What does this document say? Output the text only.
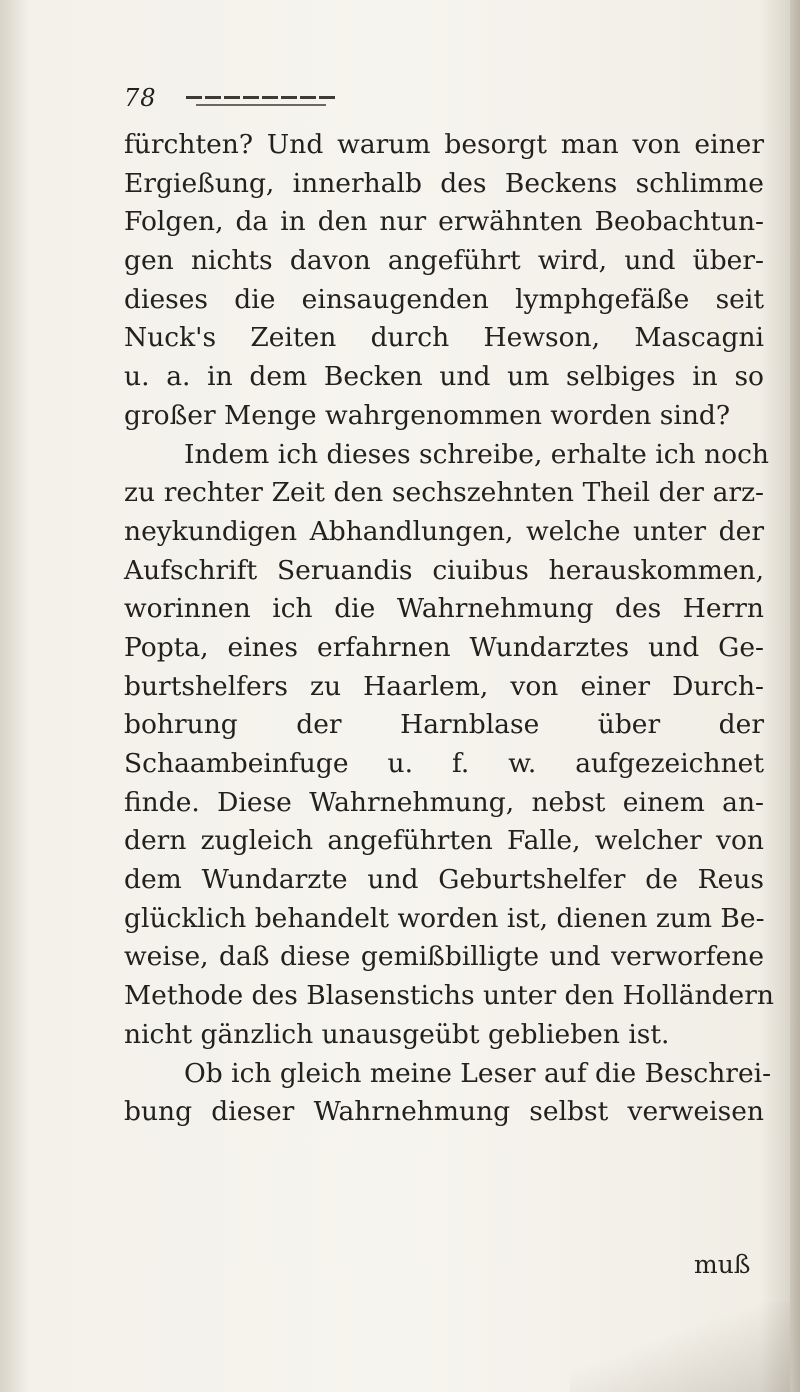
78
fürchten? Und warum besorgt man von einer
Ergießung, innerhalb des Beckens schlimme
Folgen, da in den nur erwähnten Beobachtun-
gen nichts davon angeführt wird, und über-
dieses die einsaugenden lymphgefäße seit
Nuck's Zeiten durch Hewson, Mascagni
u. a. in dem Becken und um selbiges in so
großer Menge wahrgenommen worden sind?
Indem ich dieses schreibe, erhalte ich noch
zu rechter Zeit den sechszehnten Theil der arz-
neykundigen Abhandlungen, welche unter der
Aufschrift Seruandis ciuibus herauskommen,
worinnen ich die Wahrnehmung des Herrn
Popta, eines erfahrnen Wundarztes und Ge-
burtshelfers zu Haarlem, von einer Durch-
bohrung der Harnblase über der
Schaambeinfuge u. f. w. aufgezeichnet
finde. Diese Wahrnehmung, nebst einem an-
dern zugleich angeführten Falle, welcher von
dem Wundarzte und Geburtshelfer de Reus
glücklich behandelt worden ist, dienen zum Be-
weise, daß diese gemißbilligte und verworfene
Methode des Blasenstichs unter den Holländern
nicht gänzlich unausgeübt geblieben ist.
Ob ich gleich meine Leser auf die Beschrei-
bung dieser Wahrnehmung selbst verweisen
muß
